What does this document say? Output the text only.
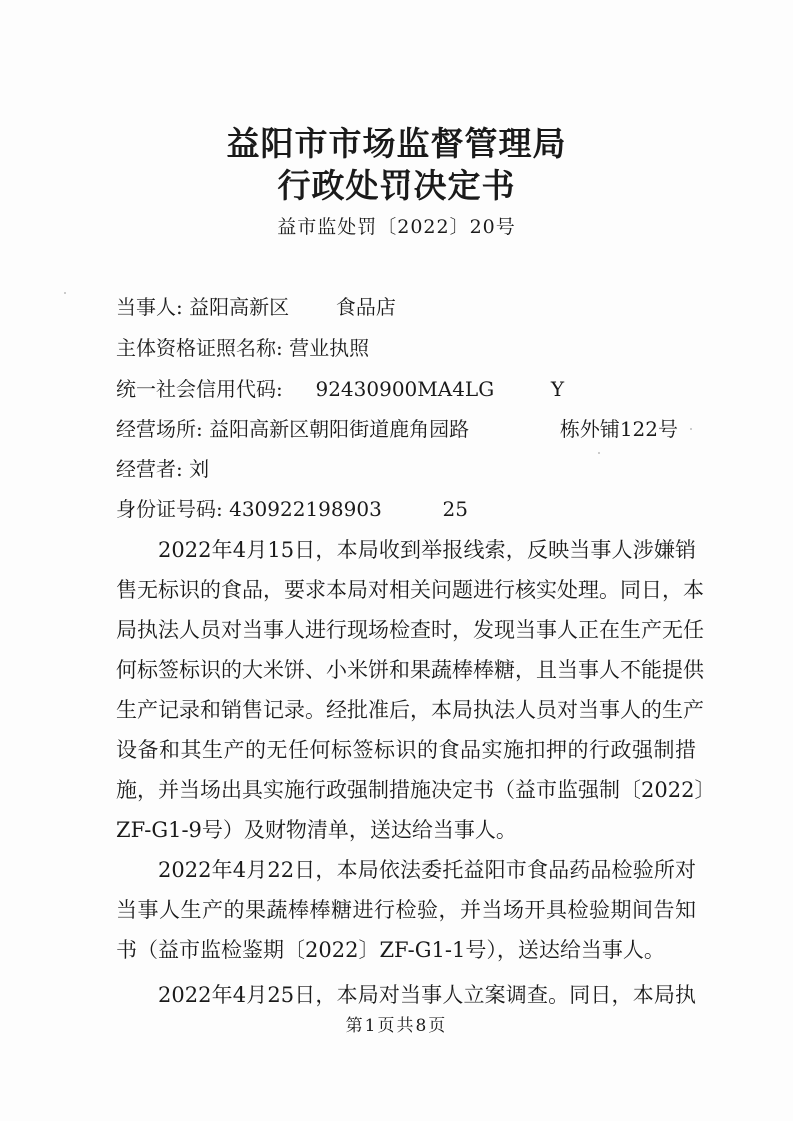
益阳市市场监督管理局
行政处罚决定书
益市监处罚〔2022〕20号
当事人: 益阳高新区 食品店
主体资格证照名称: 营业执照
统一社会信用代码: 92430900MA4LG	Y
经营场所: 益阳高新区朝阳街道鹿角园路	栋外铺122号
经营者: 刘
身份证号码: 430922198903	25
2022年4月15日，本局收到举报线索，反映当事人涉嫌销
售无标识的食品，要求本局对相关问题进行核实处理。同日，本
局执法人员对当事人进行现场检查时，发现当事人正在生产无任
何标签标识的大米饼、小米饼和果蔬棒棒糖，且当事人不能提供
生产记录和销售记录。经批准后，本局执法人员对当事人的生产
设备和其生产的无任何标签标识的食品实施扣押的行政强制措
施，并当场出具实施行政强制措施决定书（益市监强制〔2022〕
ZF-G1-9号）及财物清单，送达给当事人。
2022年4月22日，本局依法委托益阳市食品药品检验所对
当事人生产的果蔬棒棒糖进行检验，并当场开具检验期间告知
书（益市监检鉴期〔2022〕ZF-G1-1号），送达给当事人。
2022年4月25日，本局对当事人立案调查。同日，本局执
第1页共8页
